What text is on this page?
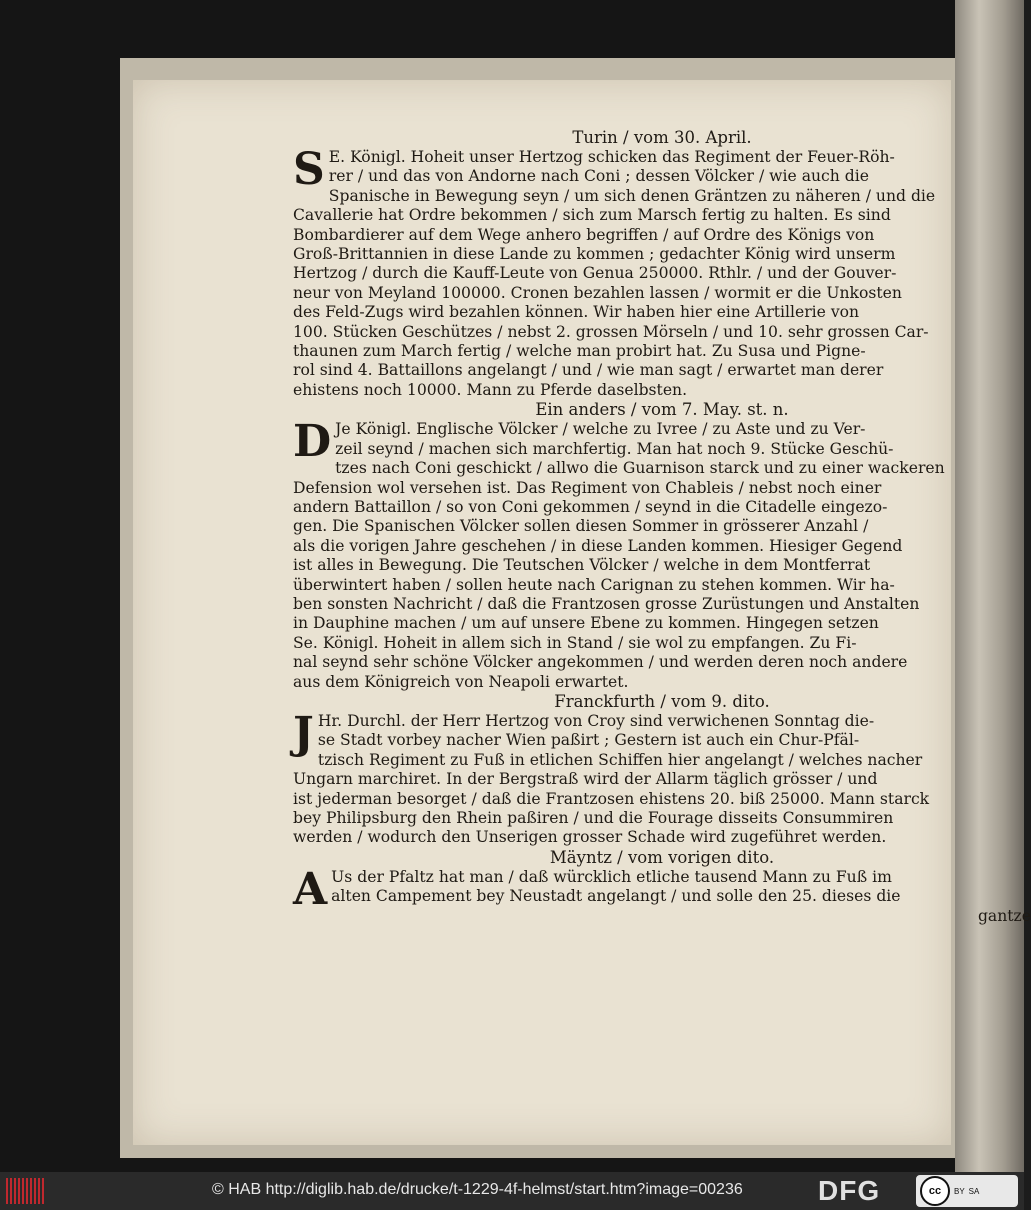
Turin / vom 30. April.
S E. Königl. Hoheit unser Hertzog schicken das Regiment der Feuer-Röh-
rer / und das von Andorne nach Coni ; dessen Völcker / wie auch die
Spanische in Bewegung seyn / um sich denen Gräntzen zu näheren / und die
Cavallerie hat Ordre bekommen / sich zum Marsch fertig zu halten. Es sind
Bombardierer auf dem Wege anhero begriffen / auf Ordre des Königs von
Groß-Brittannien in diese Lande zu kommen ; gedachter König wird unserm
Hertzog / durch die Kauff-Leute von Genua 250000. Rthlr. / und der Gouver-
neur von Meyland 100000. Cronen bezahlen lassen / wormit er die Unkosten
des Feld-Zugs wird bezahlen können. Wir haben hier eine Artillerie von
100. Stücken Geschützes / nebst 2. grossen Mörseln / und 10. sehr grossen Car-
thaunen zum March fertig / welche man probirt hat. Zu Susa und Pigne-
rol sind 4. Battaillons angelangt / und / wie man sagt / erwartet man derer
ehistens noch 10000. Mann zu Pferde daselbsten.
Ein anders / vom 7. May. st. n.
D Je Königl. Englische Völcker / welche zu Ivree / zu Aste und zu Ver-
zeil seynd / machen sich marchfertig. Man hat noch 9. Stücke Geschü-
tzes nach Coni geschickt / allwo die Guarnison starck und zu einer wackeren
Defension wol versehen ist. Das Regiment von Chableis / nebst noch einer
andern Battaillon / so von Coni gekommen / seynd in die Citadelle eingezo-
gen. Die Spanischen Völcker sollen diesen Sommer in grösserer Anzahl /
als die vorigen Jahre geschehen / in diese Landen kommen. Hiesiger Gegend
ist alles in Bewegung. Die Teutschen Völcker / welche in dem Montferrat
überwintert haben / sollen heute nach Carignan zu stehen kommen. Wir ha-
ben sonsten Nachricht / daß die Frantzosen grosse Zurüstungen und Anstalten
in Dauphine machen / um auf unsere Ebene zu kommen. Hingegen setzen
Se. Königl. Hoheit in allem sich in Stand / sie wol zu empfangen. Zu Fi-
nal seynd sehr schöne Völcker angekommen / und werden deren noch andere
aus dem Königreich von Neapoli erwartet.
Franckfurth / vom 9. dito.
J Hr. Durchl. der Herr Hertzog von Croy sind verwichenen Sonntag die-
se Stadt vorbey nacher Wien paßirt ; Gestern ist auch ein Chur-Pfäl-
tzisch Regiment zu Fuß in etlichen Schiffen hier angelangt / welches nacher
Ungarn marchiret. In der Bergstraß wird der Allarm täglich grösser / und
ist jederman besorget / daß die Frantzosen ehistens 20. biß 25000. Mann starck
bey Philipsburg den Rhein paßiren / und die Fourage disseits Consummiren
werden / wodurch den Unserigen grosser Schade wird zugeführet werden.
Mäyntz / vom vorigen dito.
A Us der Pfaltz hat man / daß würcklich etliche tausend Mann zu Fuß im
alten Campement bey Neustadt angelangt / und solle den 25. dieses die
gantze
© HAB http://diglib.hab.de/drucke/t-1229-4f-helmst/start.htm?image=00236	DFG	cc	BY SA
